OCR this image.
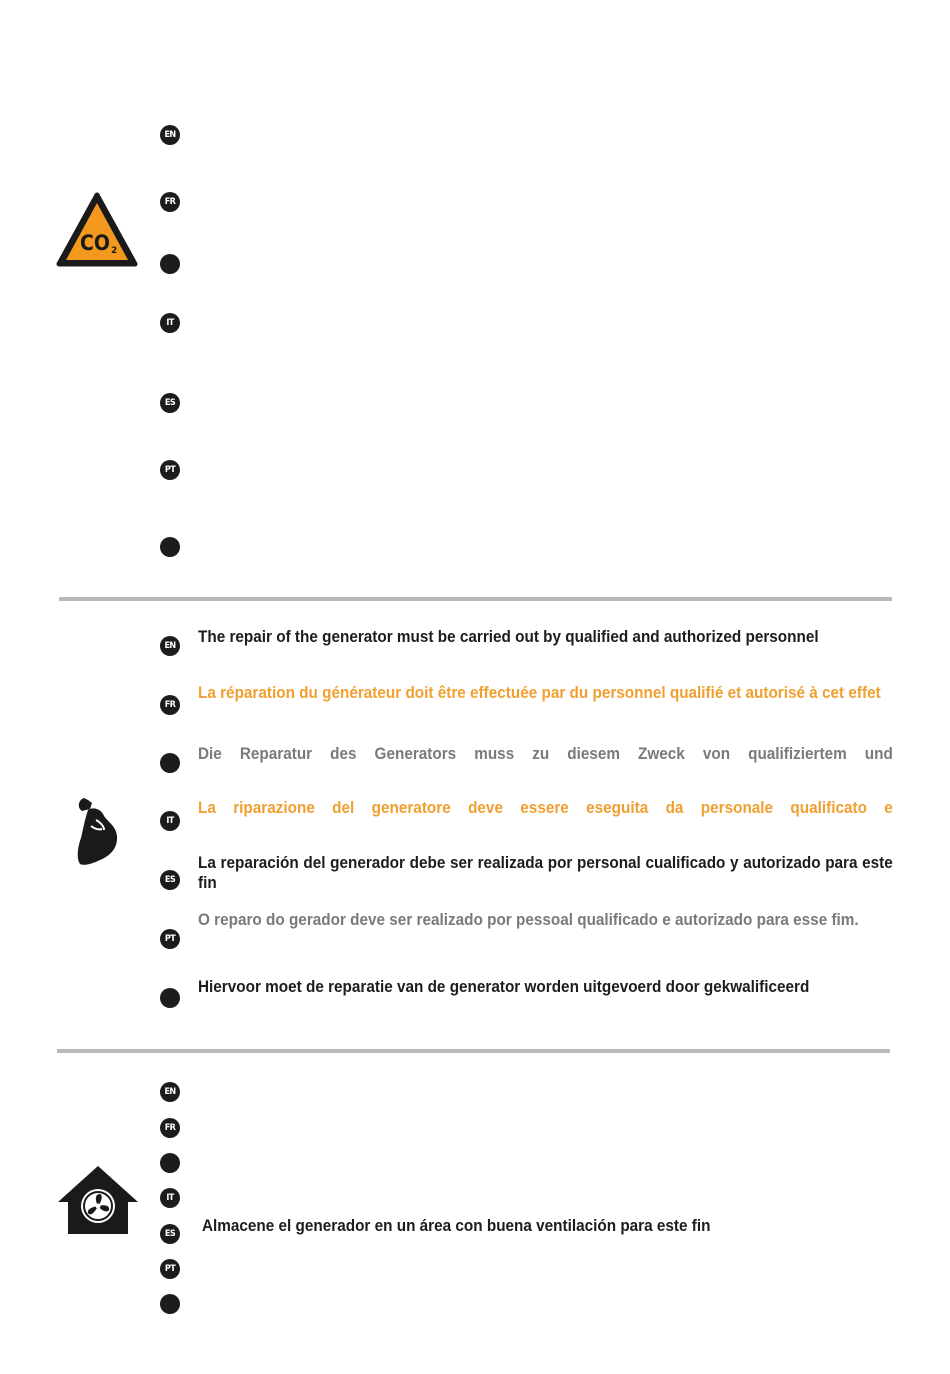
CO 2
EN
FR
IT
ES
PT
EN
FR
IT
ES
PT
The repair of the generator must be carried out by qualified and authorized personnel
La réparation du générateur doit être effectuée par du personnel qualifié et autorisé à cet effet
Die Reparatur des Generators muss zu diesem Zweck von qualifiziertem und
La riparazione del generatore deve essere eseguita da personale qualificato e
La reparación del generador debe ser realizada por personal cualificado y autorizado para este fin
O reparo do gerador deve ser realizado por pessoal qualificado e autorizado para esse fim.
Hiervoor moet de reparatie van de generator worden uitgevoerd door gekwalificeerd
EN
FR
IT
ES
PT
Almacene el generador en un área con buena ventilación para este fin
